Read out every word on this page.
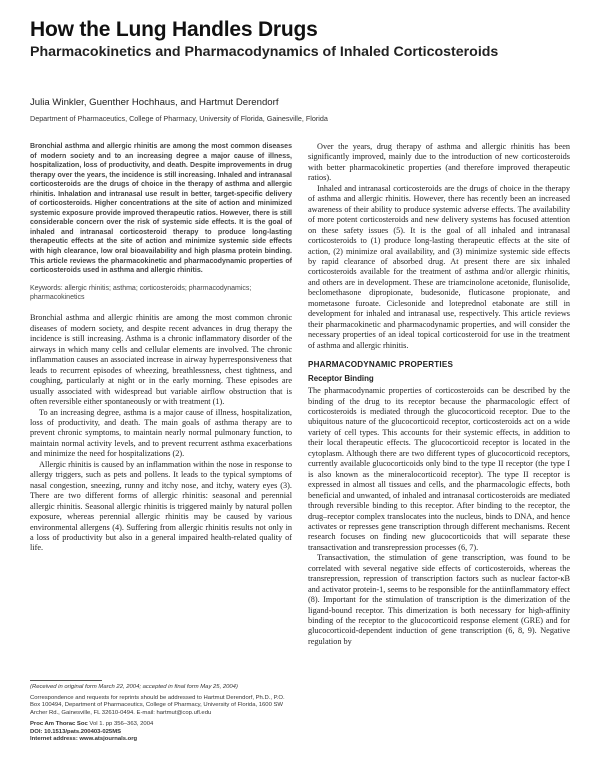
How the Lung Handles Drugs
Pharmacokinetics and Pharmacodynamics of Inhaled Corticosteroids
Julia Winkler, Guenther Hochhaus, and Hartmut Derendorf
Department of Pharmaceutics, College of Pharmacy, University of Florida, Gainesville, Florida

Bronchial asthma and allergic rhinitis are among the most common diseases of modern society and to an increasing degree a major cause of illness, hospitalization, loss of productivity, and death. Despite improvements in drug therapy over the years, the incidence is still increasing. Inhaled and intranasal corticosteroids are the drugs of choice in the therapy of asthma and allergic rhinitis. Inhalation and intranasal use result in better, target-specific delivery of corticosteroids. Higher concentrations at the site of action and minimized systemic exposure provide improved therapeutic ratios. However, there is still considerable concern over the risk of systemic side effects. It is the goal of inhaled and intranasal corticosteroid therapy to produce long-lasting therapeutic effects at the site of action and minimize systemic side effects with high clearance, low oral bioavailability and high plasma protein binding. This article reviews the pharmacokinetic and pharmacodynamic properties of corticosteroids used in asthma and allergic rhinitis.

Keywords: allergic rhinitis; asthma; corticosteroids; pharmacodynamics; pharmacokinetics

Bronchial asthma and allergic rhinitis are among the most common chronic diseases of modern society, and despite recent advances in drug therapy the incidence is still increasing. Asthma is a chronic inflammatory disorder of the airways in which many cells and cellular elements are involved. The chronic inflammation causes an associated increase in airway hyperresponsiveness that leads to recurrent episodes of wheezing, breathlessness, chest tightness, and coughing, particularly at night or in the early morning. These episodes are usually associated with widespread but variable airflow obstruction that is often reversible either spontaneously or with treatment (1).

To an increasing degree, asthma is a major cause of illness, hospitalization, loss of productivity, and death. The main goals of asthma therapy are to prevent chronic symptoms, to maintain nearly normal pulmonary function, to maintain normal activity levels, and to prevent recurrent asthma exacerbations and minimize the need for hospitalizations (2).

Allergic rhinitis is caused by an inflammation within the nose in response to allergy triggers, such as pets and pollens. It leads to the typical symptoms of nasal congestion, sneezing, runny and itchy nose, and itchy, watery eyes (3). There are two different forms of allergic rhinitis: seasonal and perennial allergic rhinitis. Seasonal allergic rhinitis is triggered mainly by natural pollen exposure, whereas perennial allergic rhinitis may be caused by various environmental allergens (4). Suffering from allergic rhinitis results not only in a loss of productivity but also in a general impaired health-related quality of life.

(Received in original form March 22, 2004; accepted in final form May 25, 2004)

Correspondence and requests for reprints should be addressed to Hartmut Derendorf, Ph.D., P.O. Box 100494, Department of Pharmaceutics, College of Pharmacy, University of Florida, 1600 SW Archer Rd., Gainesville, FL 32610-0494. E-mail: hartmut@cop.ufl.edu

Proc Am Thorac Soc Vol 1. pp 356–363, 2004

DOI: 10.1513/pats.200403-025MS

Internet address: www.atsjournals.org

Over the years, drug therapy of asthma and allergic rhinitis has been significantly improved, mainly due to the introduction of new corticosteroids with better pharmacokinetic properties (and therefore improved therapeutic ratios).

Inhaled and intranasal corticosteroids are the drugs of choice in the therapy of asthma and allergic rhinitis. However, there has recently been an increased awareness of their ability to produce systemic adverse effects. The availability of more potent corticosteroids and new delivery systems has focused attention on these safety issues (5). It is the goal of all inhaled and intranasal corticosteroids to (1) produce long-lasting therapeutic effects at the site of action, (2) minimize oral availability, and (3) minimize systemic side effects by rapid clearance of absorbed drug. At present there are six inhaled corticosteroids available for the treatment of asthma and/or allergic rhinitis, and others are in development. These are triamcinolone acetonide, flunisolide, beclomethasone dipropionate, budesonide, fluticasone propionate, and mometasone furoate. Ciclesonide and loteprednol etabonate are still in development for inhaled and intranasal use, respectively. This article reviews their pharmacokinetic and pharmacodynamic properties, and will consider the necessary properties of an ideal topical corticosteroid for use in the treatment of asthma and allergic rhinitis.

PHARMACODYNAMIC PROPERTIES
Receptor Binding

The pharmacodynamic properties of corticosteroids can be described by the binding of the drug to its receptor because the pharmacologic effect of corticosteroids is mediated through the glucocorticoid receptor. Due to the ubiquitous nature of the glucocorticoid receptor, corticosteroids act on a wide variety of cell types. This accounts for their systemic effects, in addition to their local therapeutic effects. The glucocorticoid receptor is located in the cytoplasm. Although there are two different types of glucocorticoid receptors, currently available glucocorticoids only bind to the type II receptor (the type I is also known as the mineralocorticoid receptor). The type II receptor is expressed in almost all tissues and cells, and the pharmacologic effects, both beneficial and unwanted, of inhaled and intranasal corticosteroids are mediated through reversible binding to this receptor. After binding to the receptor, the drug–receptor complex translocates into the nucleus, binds to DNA, and hence activates or represses gene transcription through different mechanisms. Recent research focuses on finding new glucocorticoids that will separate these transactivation and transrepression processes (6, 7).

Transactivation, the stimulation of gene transcription, was found to be correlated with several negative side effects of corticosteroids, whereas the transrepression, repression of transcription factors such as nuclear factor-κB and activator protein-1, seems to be responsible for the antiinflammatory effect (8). Important for the stimulation of transcription is the dimerization of the ligand-bound receptor. This dimerization is both necessary for high-affinity binding of the receptor to the glucocorticoid response element (GRE) and for glucocorticoid-dependent induction of gene transcription (6, 8, 9). Negative regulation by
